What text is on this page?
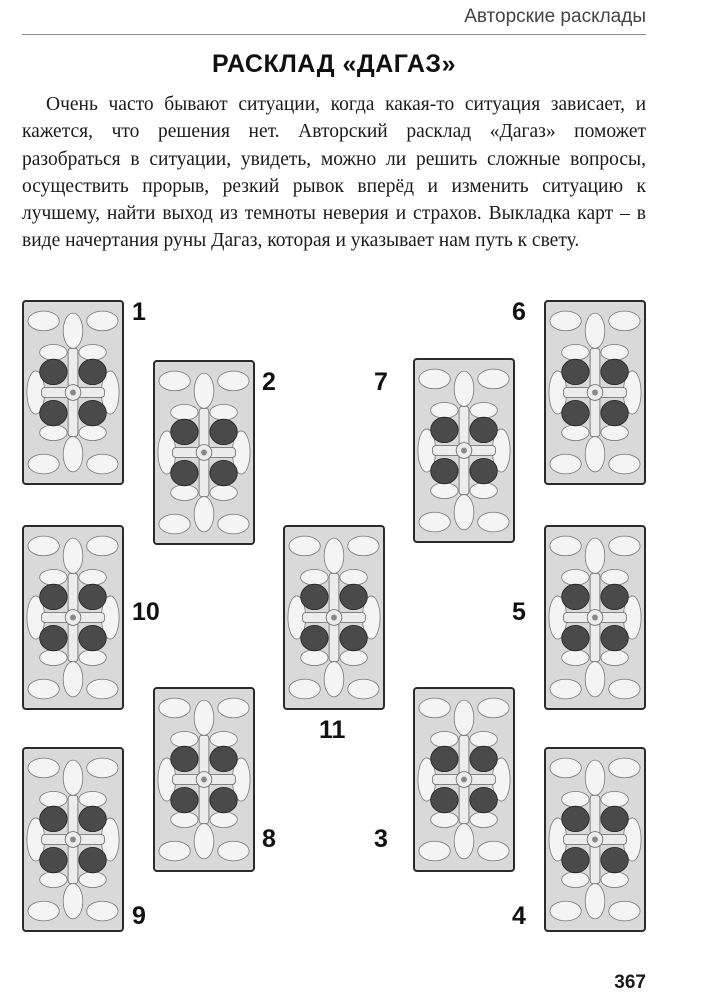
Авторские расклады
РАСКЛАД «ДАГАЗ»

Очень часто бывают ситуации, когда какая-то ситуация зависает, и кажется, что решения нет. Авторский расклад «Дагаз» поможет разобраться в ситуации, увидеть, можно ли решить сложные вопросы, осуществить прорыв, резкий рывок вперёд и изменить ситуацию к лучшему, найти выход из темноты неверия и страхов. Выкладка карт – в виде начертания руны Дагаз, которая и указывает нам путь к свету.

1
2	7
6
10
11
5
8	3
9	4
367
